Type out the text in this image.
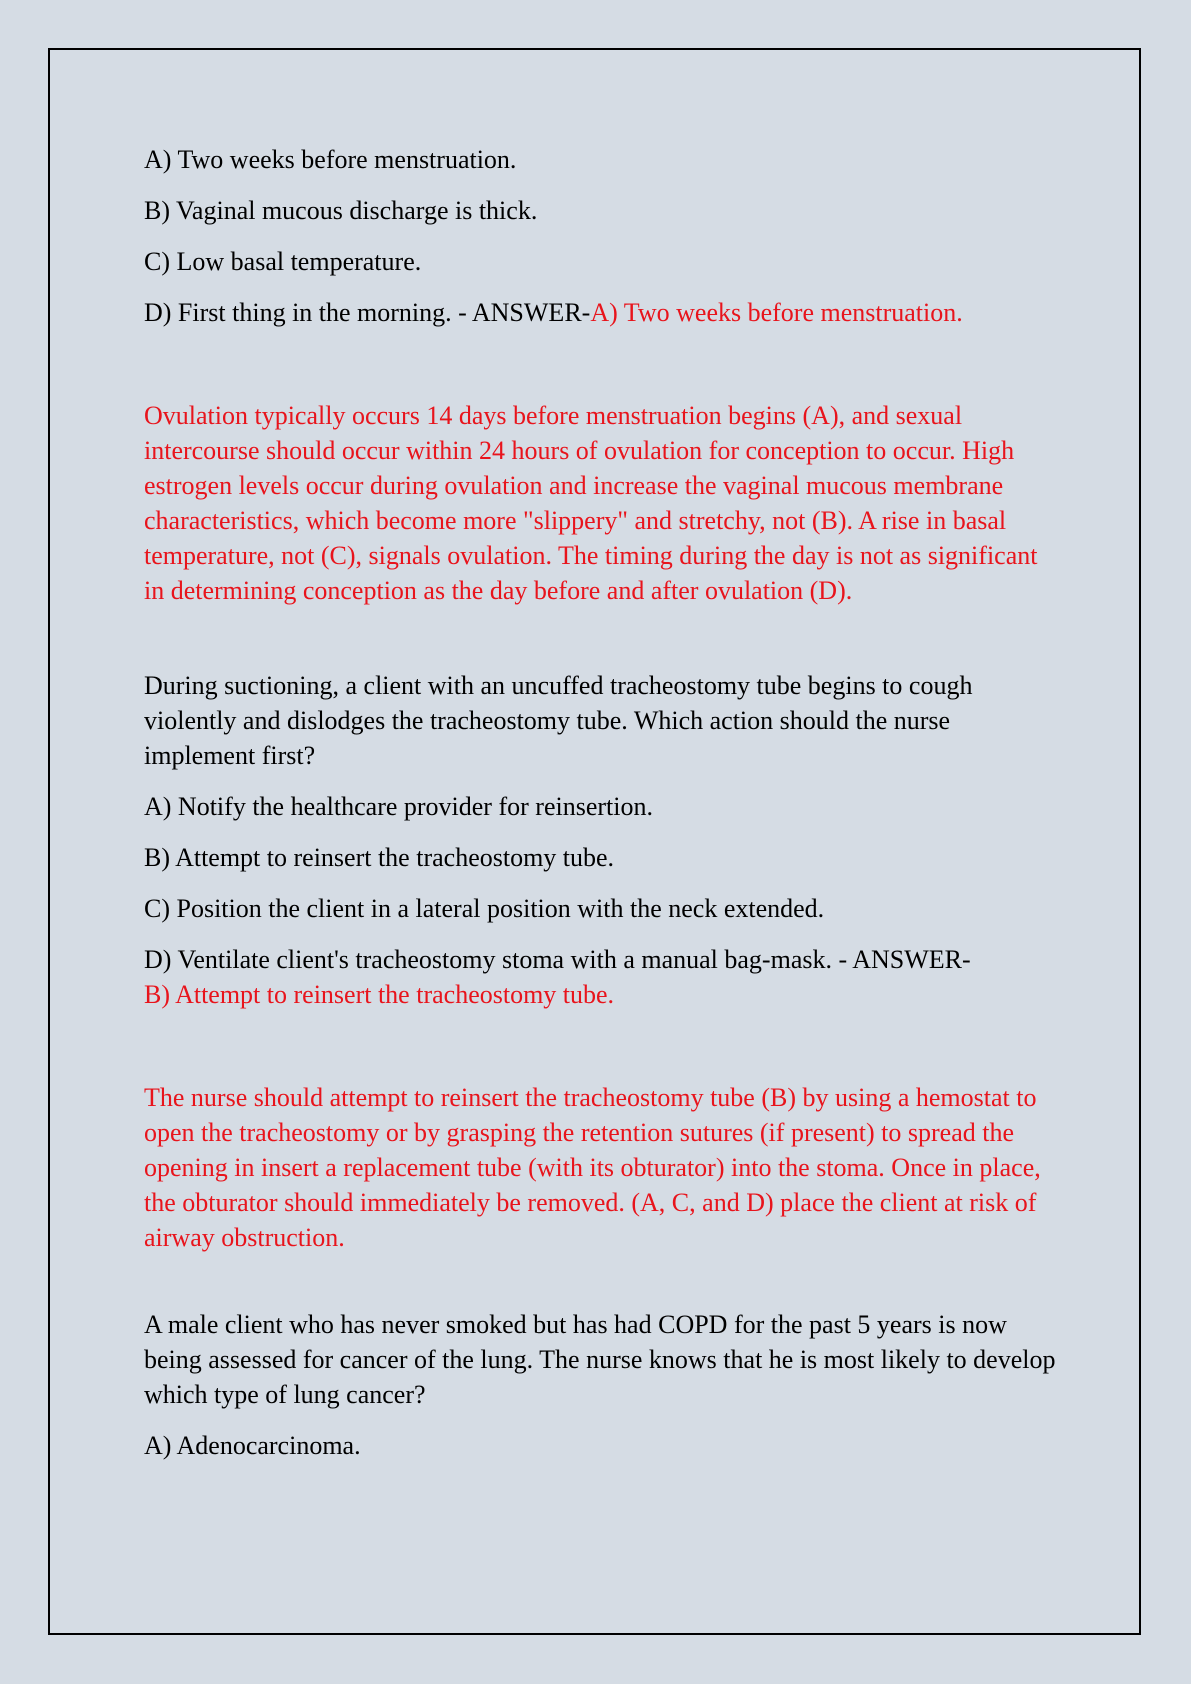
A) Two weeks before menstruation.

B) Vaginal mucous discharge is thick.

C) Low basal temperature.

D) First thing in the morning. - ANSWER-A) Two weeks before menstruation.

Ovulation typically occurs 14 days before menstruation begins (A), and sexual intercourse should occur within 24 hours of ovulation for conception to occur. High estrogen levels occur during ovulation and increase the vaginal mucous membrane characteristics, which become more "slippery" and stretchy, not (B). A rise in basal temperature, not (C), signals ovulation. The timing during the day is not as significant in determining conception as the day before and after ovulation (D).

During suctioning, a client with an uncuffed tracheostomy tube begins to cough violently and dislodges the tracheostomy tube. Which action should the nurse implement first?

A) Notify the healthcare provider for reinsertion.

B) Attempt to reinsert the tracheostomy tube.

C) Position the client in a lateral position with the neck extended.

D) Ventilate client's tracheostomy stoma with a manual bag-mask. - ANSWER-
B) Attempt to reinsert the tracheostomy tube.

The nurse should attempt to reinsert the tracheostomy tube (B) by using a hemostat to open the tracheostomy or by grasping the retention sutures (if present) to spread the opening in insert a replacement tube (with its obturator) into the stoma. Once in place, the obturator should immediately be removed. (A, C, and D) place the client at risk of airway obstruction.

A male client who has never smoked but has had COPD for the past 5 years is now being assessed for cancer of the lung. The nurse knows that he is most likely to develop which type of lung cancer?

A) Adenocarcinoma.
